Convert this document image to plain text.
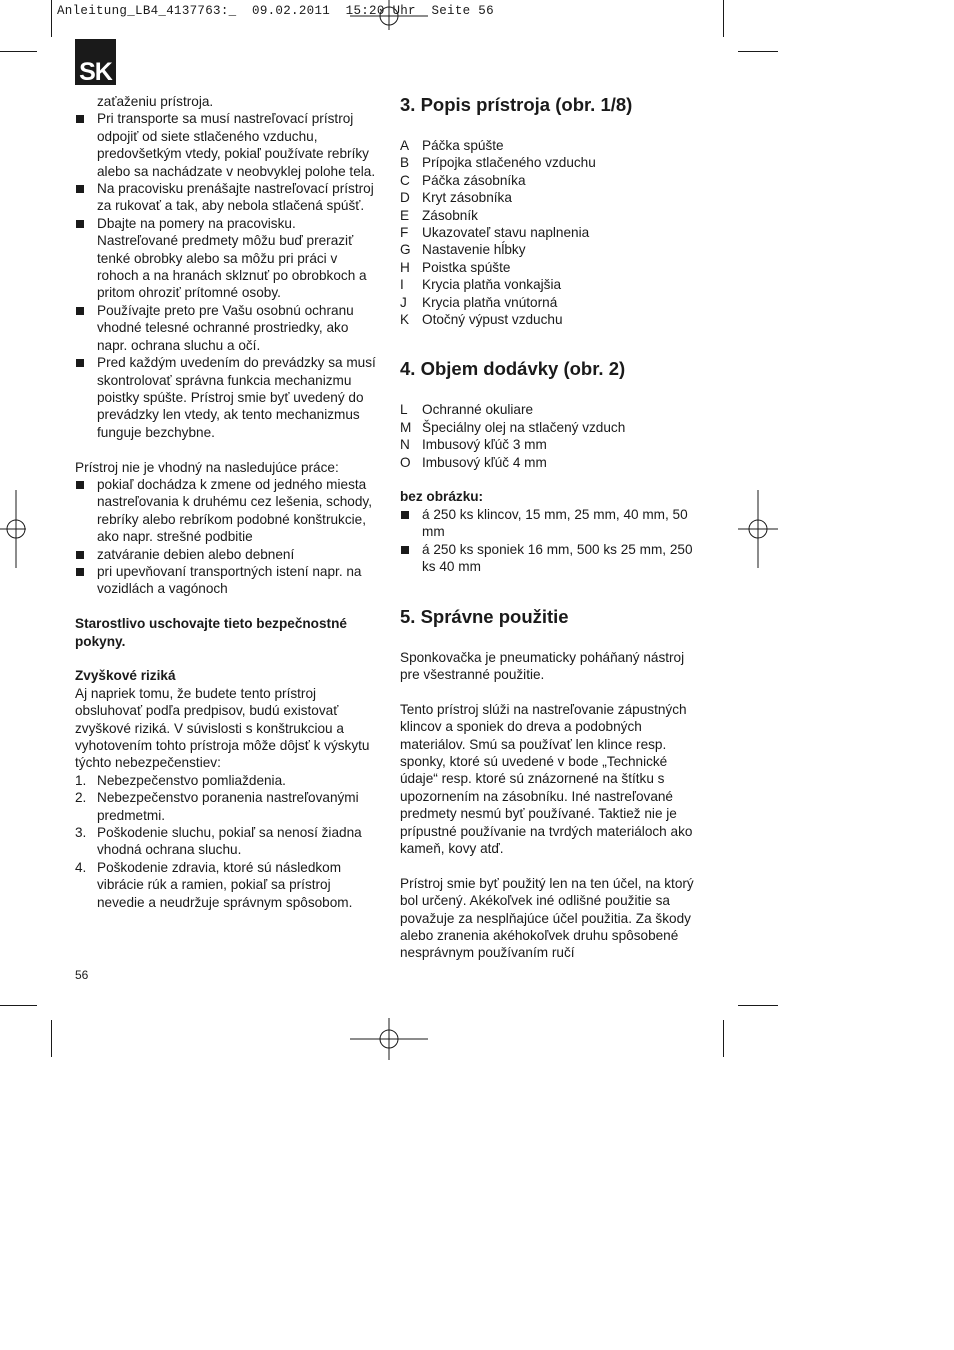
Anleitung_LB4_4137763:_  09.02.2011  15:20 Uhr  Seite 56
SK

zaťaženiu prístroja.

Pri transporte sa musí nastreľovací prístroj odpojiť od siete stlačeného vzduchu, predovšetkým vtedy, pokiaľ používate rebríky alebo sa nachádzate v neobvyklej polohe tela.
Na pracovisku prenášajte nastreľovací prístroj za rukovať a tak, aby nebola stlačená spúšť.
Dbajte na pomery na pracovisku. Nastreľované predmety môžu buď preraziť tenké obrobky alebo sa môžu pri práci v rohoch a na hranách sklznuť po obrobkoch a pritom ohroziť prítomné osoby.
Používajte preto pre Vašu osobnú ochranu vhodné telesné ochranné prostriedky, ako napr. ochrana sluchu a očí.
Pred každým uvedením do prevádzky sa musí skontrolovať správna funkcia mechanizmu poistky spúšte. Prístroj smie byť uvedený do prevádzky len vtedy, ak tento mechanizmus funguje bezchybne.

Prístroj nie je vhodný na nasledujúce práce:

pokiaľ dochádza k zmene od jedného miesta nastreľovania k druhému cez lešenia, schody, rebríky alebo rebríkom podobné konštrukcie, ako napr. strešné podbitie
zatváranie debien alebo debnení
pri upevňovaní transportných istení napr. na vozidlách a vagónoch

Starostlivo uschovajte tieto bezpečnostné pokyny.

Zvyškové riziká

Aj napriek tomu, že budete tento prístroj obsluhovať podľa predpisov, budú existovať zvyškové riziká. V súvislosti s konštrukciou a vyhotovením tohto prístroja môže dôjsť k výskytu týchto nebezpečenstiev:

1. Nebezpečenstvo pomliaždenia.
2. Nebezpečenstvo poranenia nastreľovanými predmetmi.
3. Poškodenie sluchu, pokiaľ sa nenosí žiadna vhodná ochrana sluchu.
4. Poškodenie zdravia, ktoré sú následkom vibrácie rúk a ramien, pokiaľ sa prístroj nevedie a neudržuje správnym spôsobom.
56
3. Popis prístroja (obr. 1/8)
A Páčka spúšte
B Prípojka stlačeného vzduchu
C Páčka zásobníka
D Kryt zásobníka
E Zásobník
F Ukazovateľ stavu naplnenia
G Nastavenie hĺbky
H Poistka spúšte
I Krycia platňa vonkajšia
J Krycia platňa vnútorná
K Otočný výpust vzduchu
4. Objem dodávky (obr. 2)
L Ochranné okuliare
M Špeciálny olej na stlačený vzduch
N Imbusový kľúč 3 mm
O Imbusový kľúč 4 mm

bez obrázku:

á 250 ks klincov, 15 mm, 25 mm, 40 mm, 50 mm
á 250 ks sponiek 16 mm, 500 ks 25 mm, 250 ks 40 mm
5. Správne použitie

Sponkovačka je pneumaticky poháňaný nástroj pre všestranné použitie.

Tento prístroj slúži na nastreľovanie zápustných klincov a sponiek do dreva a podobných materiálov. Smú sa používať len klince resp. sponky, ktoré sú uvedené v bode „Technické údaje“ resp. ktoré sú znázornené na štítku s upozornením na zásobníku. Iné nastreľované predmety nesmú byť používané. Taktiež nie je prípustné používanie na tvrdých materiáloch ako kameň, kovy atď.

Prístroj smie byť použitý len na ten účel, na ktorý bol určený. Akékoľvek iné odlišné použitie sa považuje za nesplňajúce účel použitia. Za škody alebo zranenia akéhokoľvek druhu spôsobené nesprávnym používaním ručí
